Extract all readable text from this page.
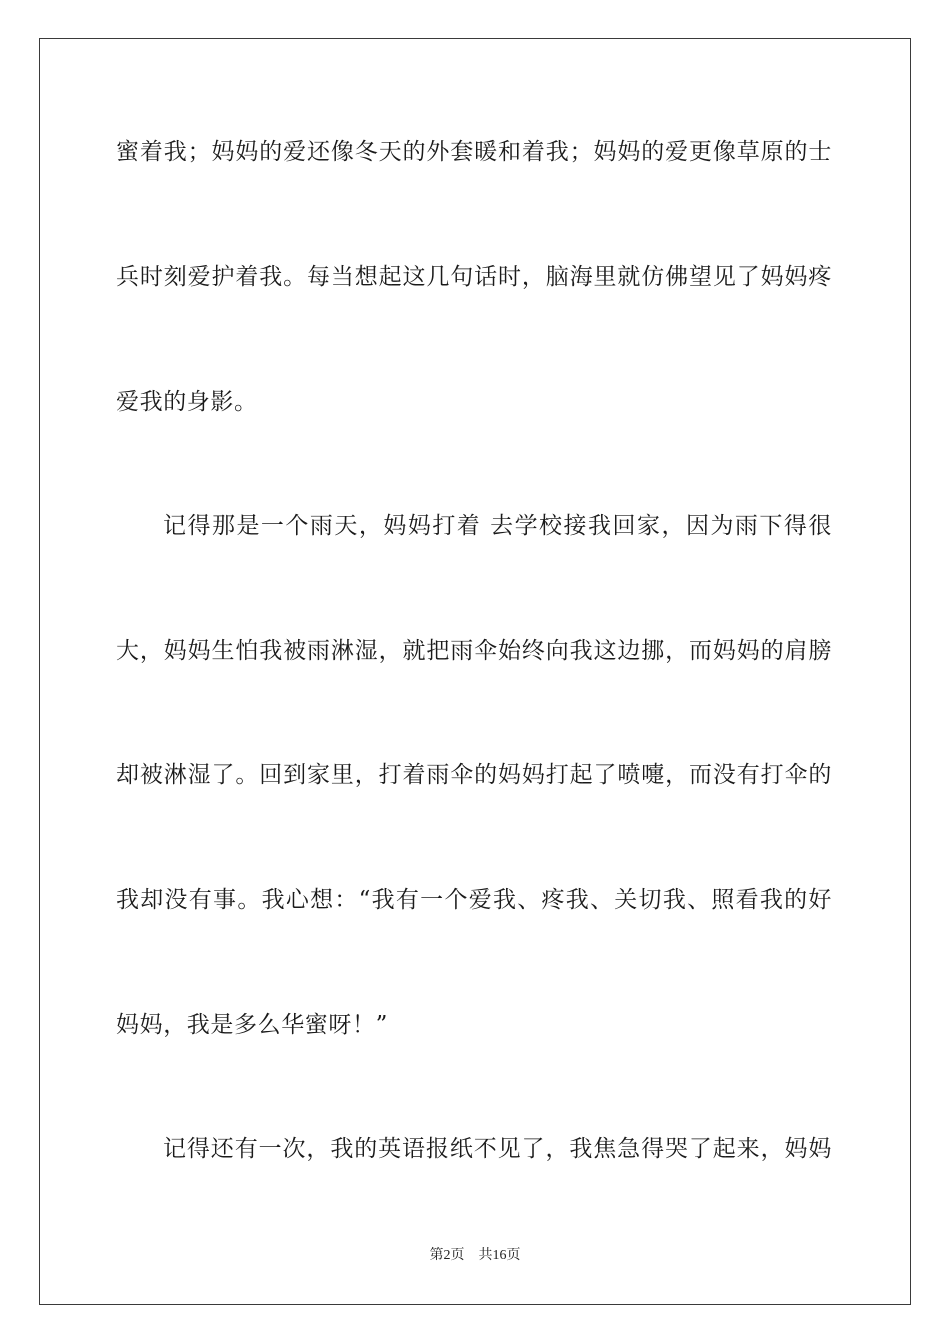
蜜着我；妈妈的爱还像冬天的外套暖和着我；妈妈的爱更像草原的士
兵时刻爱护着我。每当想起这几句话时，脑海里就仿佛望见了妈妈疼
爱我的身影。
记得那是一个雨天，妈妈打着 去学校接我回家，因为雨下得很
大，妈妈生怕我被雨淋湿，就把雨伞始终向我这边挪，而妈妈的肩膀
却被淋湿了。回到家里，打着雨伞的妈妈打起了喷嚏，而没有打伞的
我却没有事。我心想：“我有一个爱我、疼我、关切我、照看我的好
妈妈，我是多么华蜜呀！”
记得还有一次，我的英语报纸不见了，我焦急得哭了起来，妈妈
第2页 共16页
